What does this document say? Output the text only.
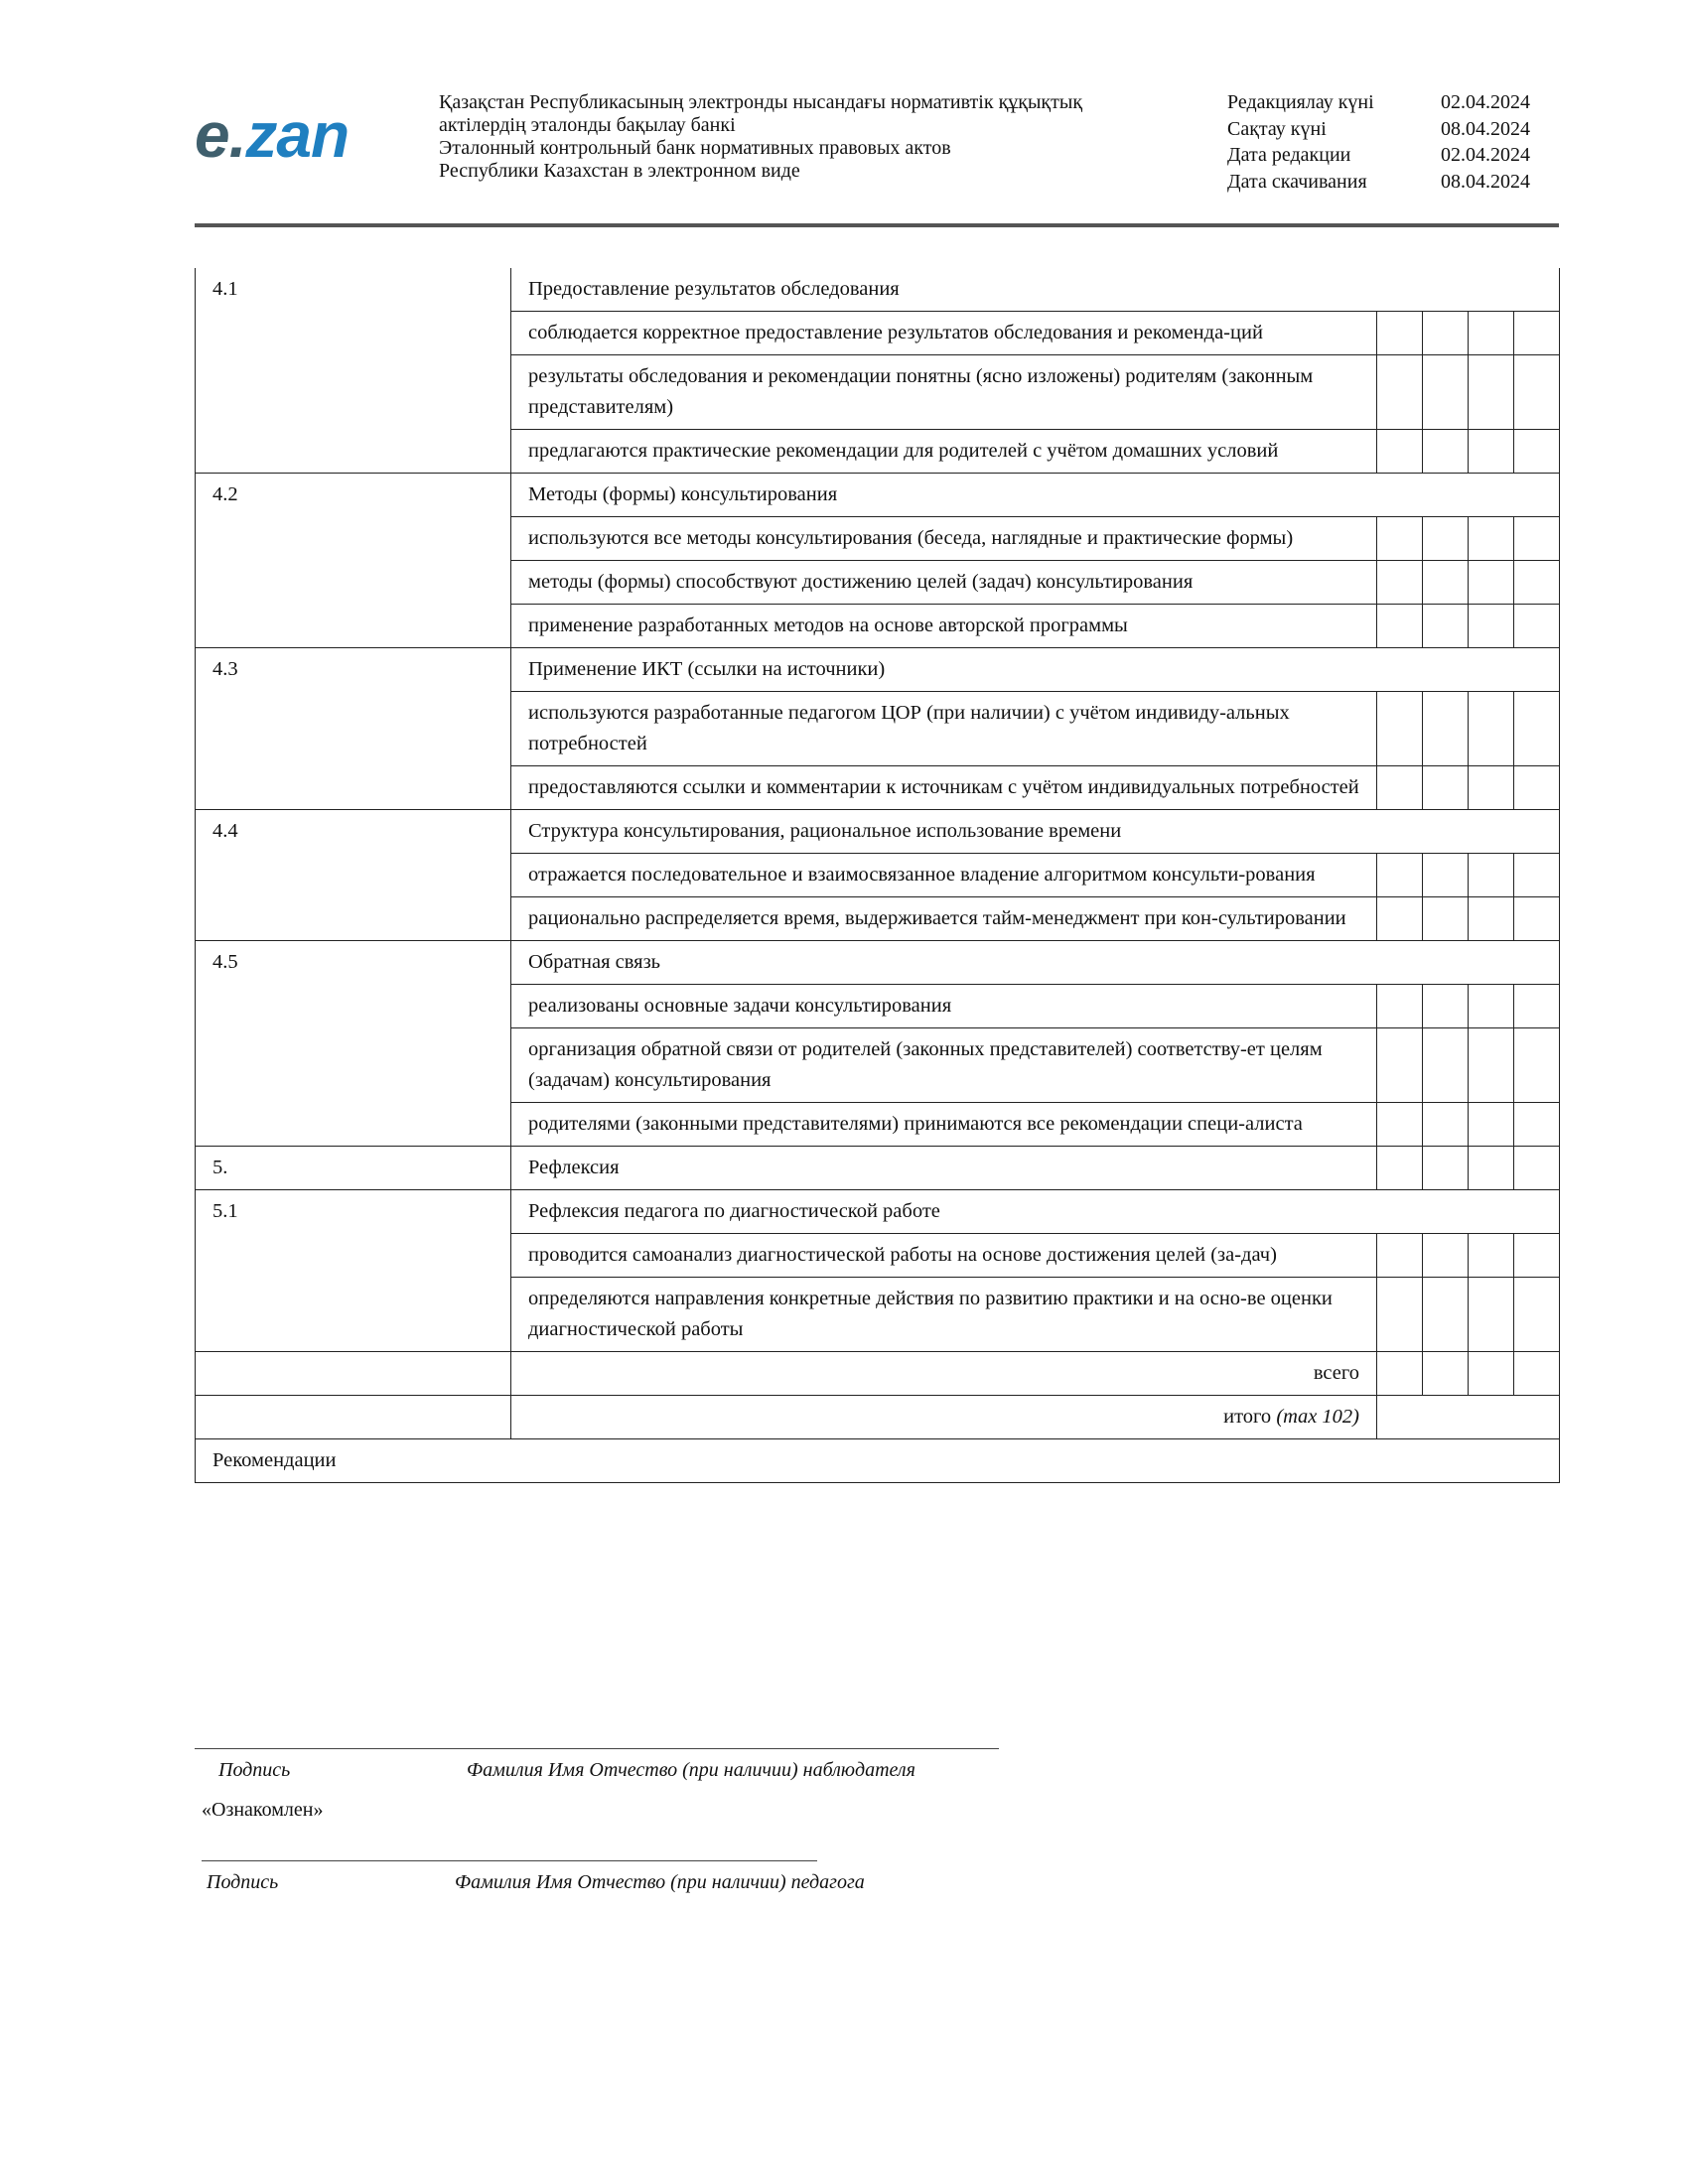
e.zan	Қазақстан Республикасының электронды нысандағы нормативтік құқықтық
актілердің эталонды бақылау банкі
Эталонный контрольный банк нормативных правовых актов
Республики Казахстан в электронном виде
Редакциялау күні	02.04.2024
Сақтау күні	08.04.2024
Дата редакции	02.04.2024
Дата скачивания	08.04.2024
4.1	Предоставление результатов обследования				
	соблюдается корректное предоставление результатов обследования и рекоменда-ций				
	результаты обследования и рекомендации понятны (ясно изложены) родителям (законным представителям)				
	предлагаются практические рекомендации для родителей с учётом домашних условий				
4.2	Методы (формы) консультирования				
	используются все методы консультирования (беседа, наглядные и практические формы)				
	методы (формы) способствуют достижению целей (задач) консультирования				
	применение разработанных методов на основе авторской программы				
4.3	Применение ИКТ (ссылки на источники)				
	используются разработанные педагогом ЦОР (при наличии) с учётом индивиду-альных потребностей				
	предоставляются ссылки и комментарии к источникам с учётом индивидуальных потребностей				
4.4	Структура консультирования, рациональное использование времени				
	отражается последовательное и взаимосвязанное владение алгоритмом консульти-рования				
	рационально распределяется время, выдерживается тайм-менеджмент при кон-сультировании				
4.5	Обратная связь				
	реализованы основные задачи консультирования				
	организация обратной связи от родителей (законных представителей) соответству-ет целям (задачам) консультирования				
	родителями (законными представителями) принимаются все рекомендации специ-алиста				
5.	Рефлексия				
5.1	Рефлексия педагога по диагностической работе				
	проводится самоанализ диагностической работы на основе достижения целей (за-дач)				
	определяются направления конкретные действия по развитию практики и на осно-ве оценки диагностической работы				
	всего				
	итого (max 102)				
Рекомендации					
Подпись	Фамилия Имя Отчество (при наличии) наблюдателя
«Ознакомлен»
Подпись	Фамилия Имя Отчество (при наличии) педагога
